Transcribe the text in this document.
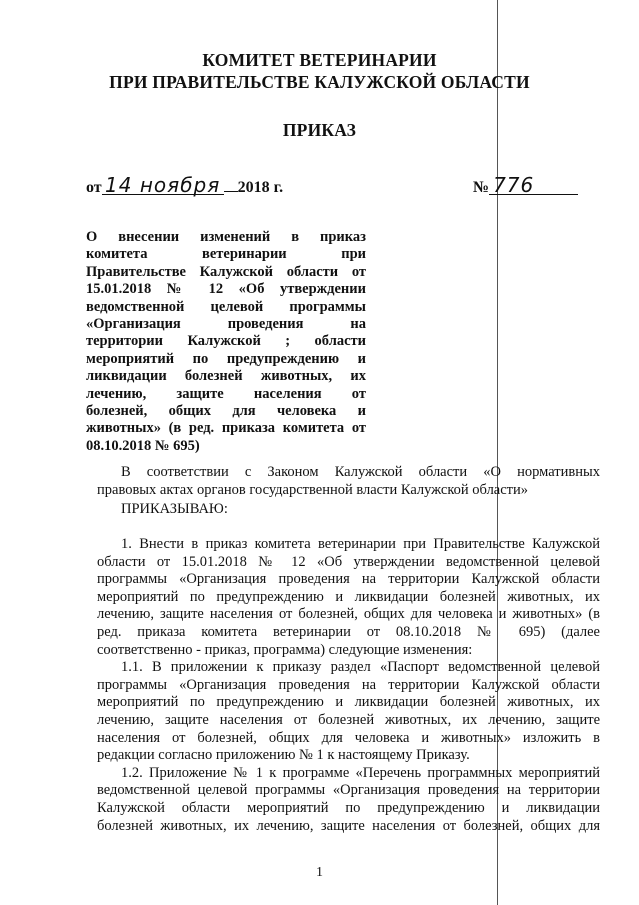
КОМИТЕТ ВЕТЕРИНАРИИ
ПРИ ПРАВИТЕЛЬСТВЕ КАЛУЖСКОЙ ОБЛАСТИ
ПРИКАЗ
от 14 ноября 2018 г.	№ 776
О внесении изменений в приказ
комитета ветеринарии при
Правительстве Калужской области от
15.01.2018 № 12 «Об утверждении
ведомственной целевой программы
«Организация проведения на
территории Калужской ; области
мероприятий по предупреждению и
ликвидации болезней животных, их
лечению, защите населения от
болезней, общих для человека и
животных» (в ред. приказа комитета от
08.10.2018 № 695)
В соответствии с Законом Калужской области «О нормативных
правовых актах органов государственной власти Калужской области»
ПРИКАЗЫВАЮ:
1. Внести в приказ комитета ветеринарии при Правительстве Калужской
области от 15.01.2018 № 12 «Об утверждении ведомственной целевой
программы «Организация проведения на территории Калужской области
мероприятий по предупреждению и ликвидации болезней животных, их
лечению, защите населения от болезней, общих для человека и животных» (в
ред. приказа комитета ветеринарии от 08.10.2018 № 695) (далее
соответственно - приказ, программа) следующие изменения:
1.1. В приложении к приказу раздел «Паспорт ведомственной целевой
программы «Организация проведения на территории Калужской области
мероприятий по предупреждению и ликвидации болезней животных, их
лечению, защите населения от болезней животных, их лечению, защите
населения от болезней, общих для человека и животных» изложить в
редакции согласно приложению № 1 к настоящему Приказу.
1.2. Приложение № 1 к программе «Перечень программных мероприятий
ведомственной целевой программы «Организация проведения на территории
Калужской области мероприятий по предупреждению и ликвидации
болезней животных, их лечению, защите населения от болезней, общих для
1
